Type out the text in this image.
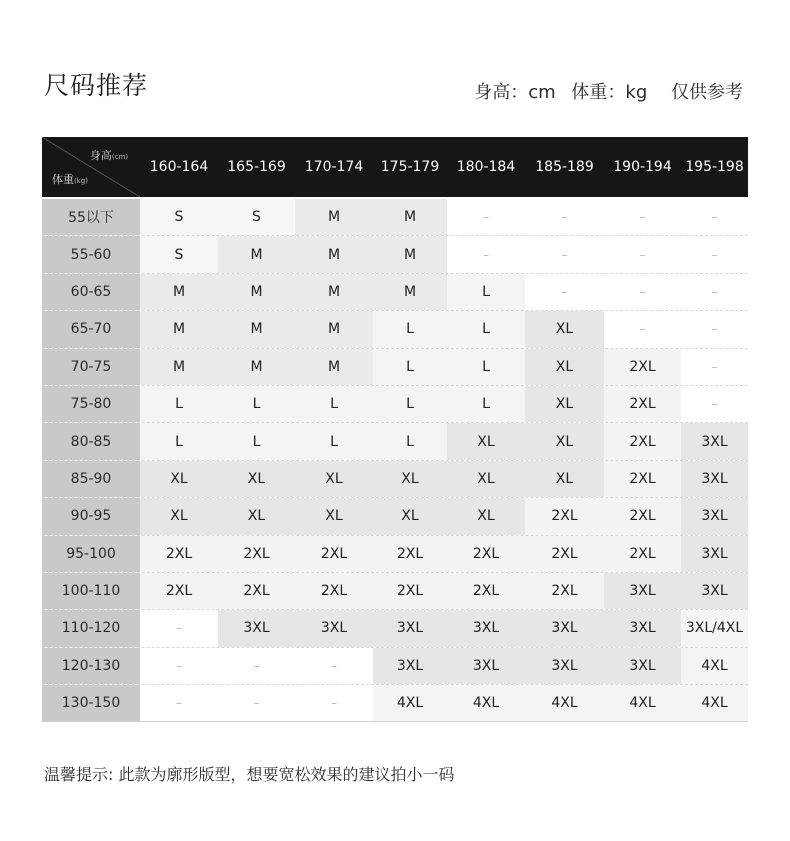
尺码推荐	身高：cm 体重：kg 仅供参考
身高(cm)
体重(kg)
160-164	165-169	170-174	175-179	180-184	185-189	190-194 195-198
55以下	S	S	M	M	–	–	–	–
55-60	S	M	M	M	–	–	–	–
60-65	M	M	M	M	L	–	–	–
65-70	M	M	M	L	L	XL	–	–
70-75	M	M	M	L	L	XL	2XL	–
75-80	L	L	L	L	L	XL	2XL	–
80-85	L	L	L	L	XL	XL	2XL	3XL
85-90	XL	XL	XL	XL	XL	XL	2XL	3XL
90-95	XL	XL	XL	XL	XL	2XL	2XL	3XL
95-100	2XL	2XL	2XL	2XL	2XL	2XL	2XL	3XL
100-110	2XL	2XL	2XL	2XL	2XL	2XL	3XL	3XL
110-120	–	3XL	3XL	3XL	3XL	3XL	3XL	3XL/4XL
120-130	–	–	–	3XL	3XL	3XL	3XL	4XL
130-150	–	–	–	4XL	4XL	4XL	4XL	4XL
温馨提示: 此款为廓形版型，想要宽松效果的建议拍小一码
